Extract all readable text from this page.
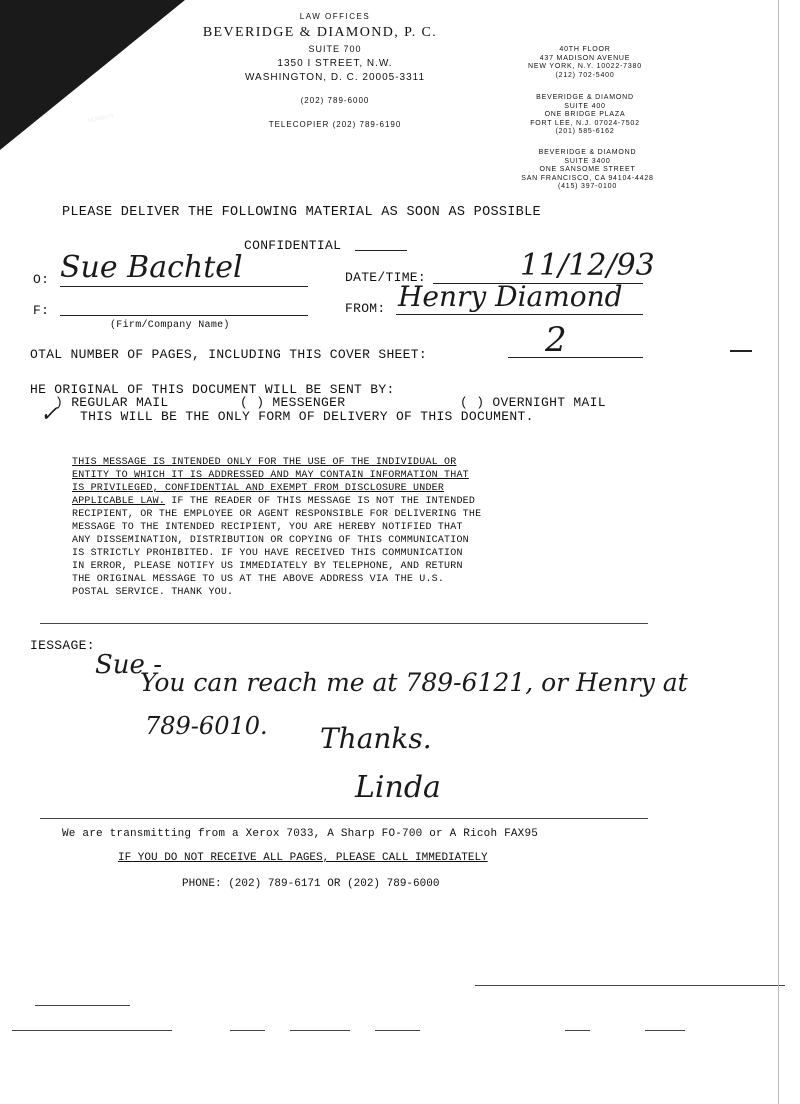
LAW OFFICES
BEVERIDGE & DIAMOND, P. C.
SUITE 700
1350 I STREET, N.W.
WASHINGTON, D. C. 20005-3311
(202) 789-6000
TELECOPIER (202) 789-6190
NUMBER
40TH FLOOR
437 MADISON AVENUE
NEW YORK, N.Y. 10022-7380
(212) 702-5400
BEVERIDGE & DIAMOND
SUITE 400
ONE BRIDGE PLAZA
FORT LEE, N.J. 07024-7502
(201) 585-6162
BEVERIDGE & DIAMOND
SUITE 3400
ONE SANSOME STREET
SAN FRANCISCO, CA 94104-4428
(415) 397-0100
PLEASE DELIVER THE FOLLOWING MATERIAL AS SOON AS POSSIBLE
CONFIDENTIAL
O: Sue Bachtel
F:
(Firm/Company Name)
DATE/TIME:	11/12/93
FROM: Henry Diamond
OTAL NUMBER OF PAGES, INCLUDING THIS COVER SHEET:	2
HE ORIGINAL OF THIS DOCUMENT WILL BE SENT BY:
) REGULAR MAIL	( ) MESSENGER	( ) OVERNIGHT MAIL
✓ THIS WILL BE THE ONLY FORM OF DELIVERY OF THIS DOCUMENT.
THIS MESSAGE IS INTENDED ONLY FOR THE USE OF THE INDIVIDUAL OR
ENTITY TO WHICH IT IS ADDRESSED AND MAY CONTAIN INFORMATION THAT
IS PRIVILEGED, CONFIDENTIAL AND EXEMPT FROM DISCLOSURE UNDER
APPLICABLE LAW. IF THE READER OF THIS MESSAGE IS NOT THE INTENDED
RECIPIENT, OR THE EMPLOYEE OR AGENT RESPONSIBLE FOR DELIVERING THE
MESSAGE TO THE INTENDED RECIPIENT, YOU ARE HEREBY NOTIFIED THAT
ANY DISSEMINATION, DISTRIBUTION OR COPYING OF THIS COMMUNICATION
IS STRICTLY PROHIBITED. IF YOU HAVE RECEIVED THIS COMMUNICATION
IN ERROR, PLEASE NOTIFY US IMMEDIATELY BY TELEPHONE, AND RETURN
THE ORIGINAL MESSAGE TO US AT THE ABOVE ADDRESS VIA THE U.S.
POSTAL SERVICE. THANK YOU.
IESSAGE:
Sue -
You can reach me at 789-6121, or Henry at
789-6010. Thanks.
Linda
We are transmitting from a Xerox 7033, A Sharp FO-700 or A Ricoh FAX95
IF YOU DO NOT RECEIVE ALL PAGES, PLEASE CALL IMMEDIATELY
PHONE: (202) 789-6171 OR (202) 789-6000
